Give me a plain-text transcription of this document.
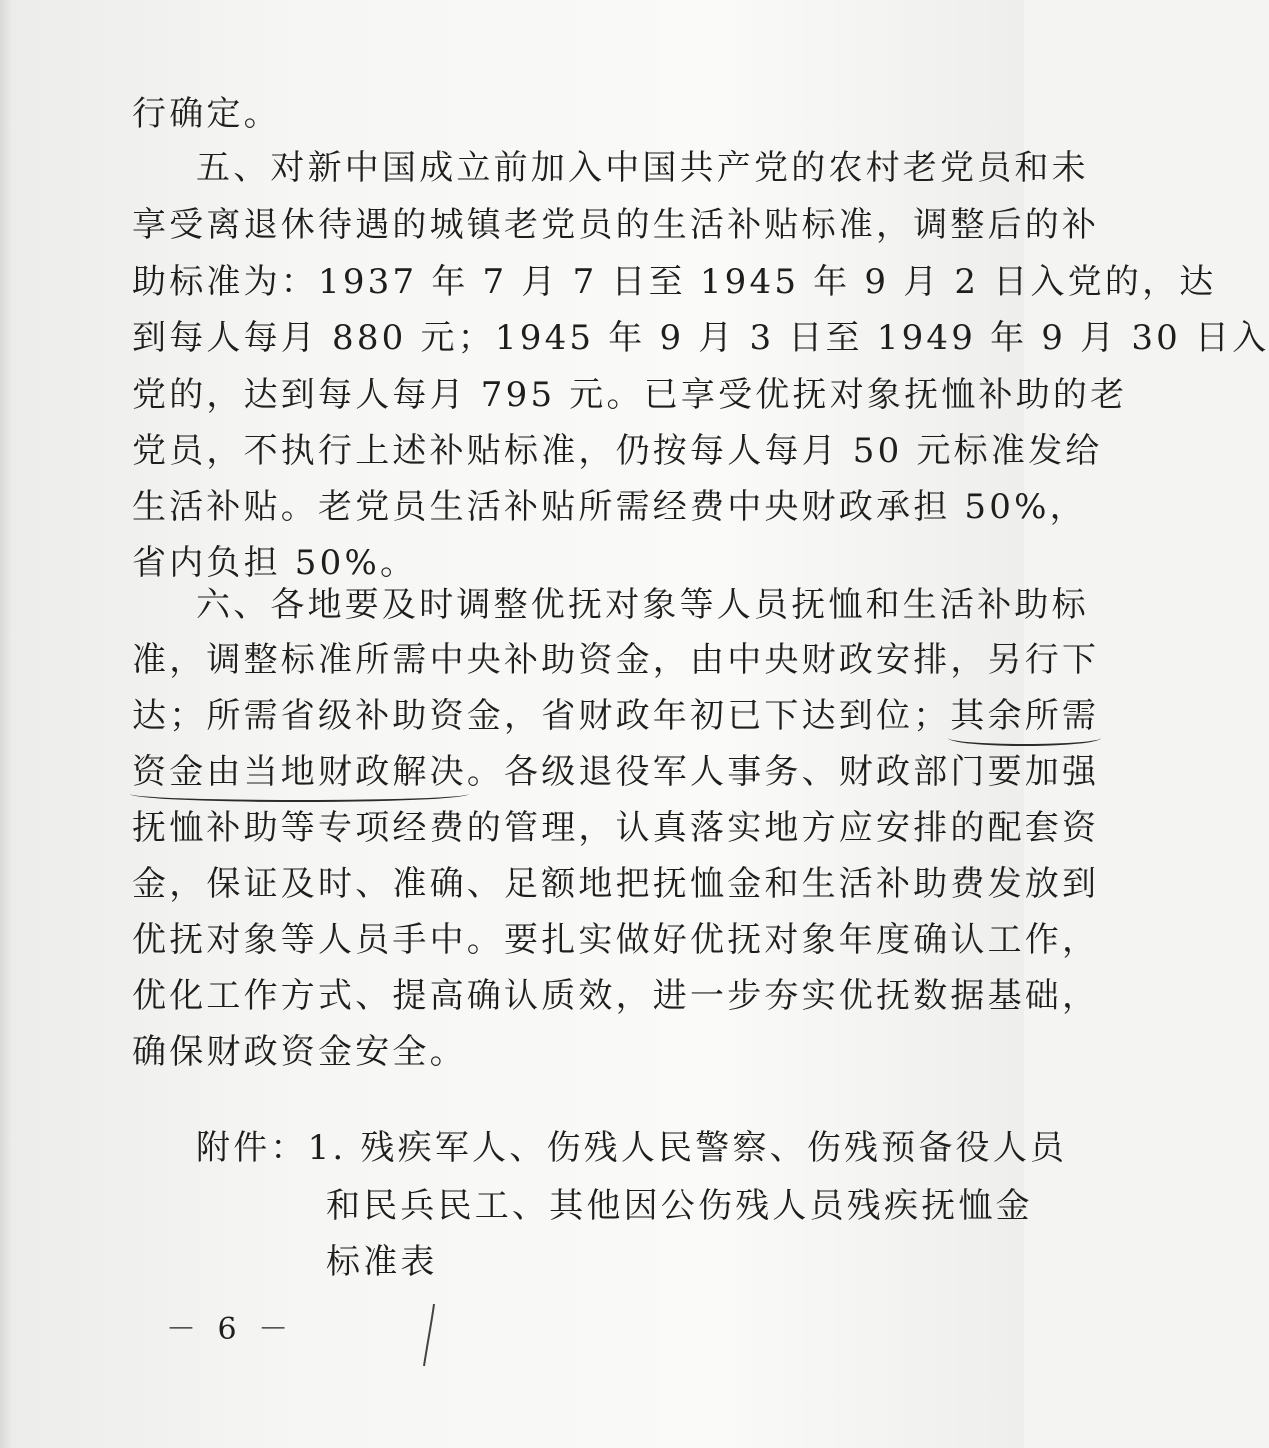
行确定。
五、对新中国成立前加入中国共产党的农村老党员和未
享受离退休待遇的城镇老党员的生活补贴标准，调整后的补
助标准为：1937 年 7 月 7 日至 1945 年 9 月 2 日入党的，达
到每人每月 880 元；1945 年 9 月 3 日至 1949 年 9 月 30 日入
党的，达到每人每月 795 元。已享受优抚对象抚恤补助的老
党员，不执行上述补贴标准，仍按每人每月 50 元标准发给
生活补贴。老党员生活补贴所需经费中央财政承担 50%，
省内负担 50%。
六、各地要及时调整优抚对象等人员抚恤和生活补助标
准，调整标准所需中央补助资金，由中央财政安排，另行下
达；所需省级补助资金，省财政年初已下达到位；其余所需
资金由当地财政解决。各级退役军人事务、财政部门要加强
抚恤补助等专项经费的管理，认真落实地方应安排的配套资
金，保证及时、准确、足额地把抚恤金和生活补助费发放到
优抚对象等人员手中。要扎实做好优抚对象年度确认工作，
优化工作方式、提高确认质效，进一步夯实优抚数据基础，
确保财政资金安全。
附件：1. 残疾军人、伤残人民警察、伤残预备役人员
和民兵民工、其他因公伤残人员残疾抚恤金
标准表
－ 6 －
